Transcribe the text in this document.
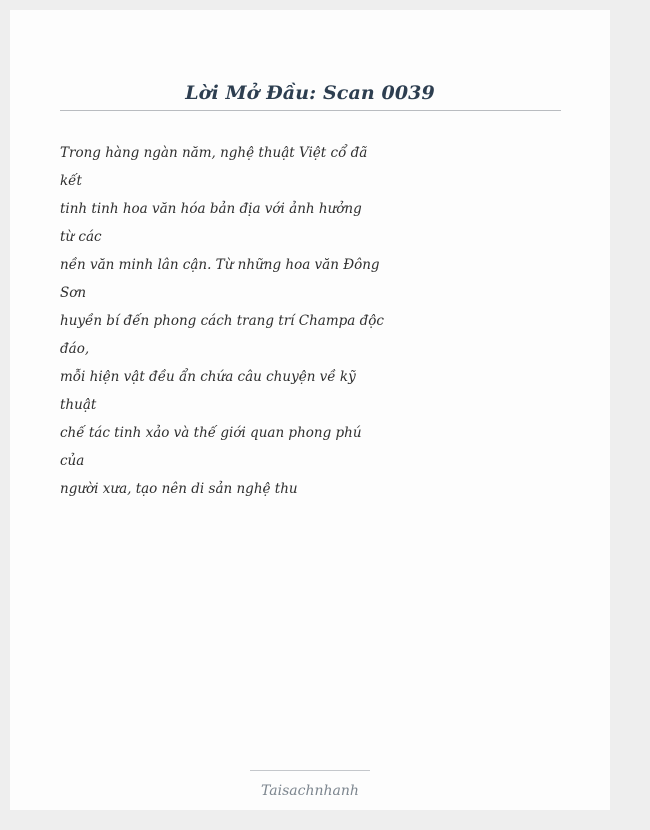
Lời Mở Đầu: Scan 0039
Trong hàng ngàn năm, nghệ thuật Việt cổ đã
kết
tinh tinh hoa văn hóa bản địa với ảnh hưởng
từ các
nền văn minh lân cận. Từ những hoa văn Đông
Sơn
huyền bí đến phong cách trang trí Champa độc
đáo,
mỗi hiện vật đều ẩn chứa câu chuyện về kỹ
thuật
chế tác tinh xảo và thế giới quan phong phú
của
người xưa, tạo nên di sản nghệ thu
Taisachnhanh
